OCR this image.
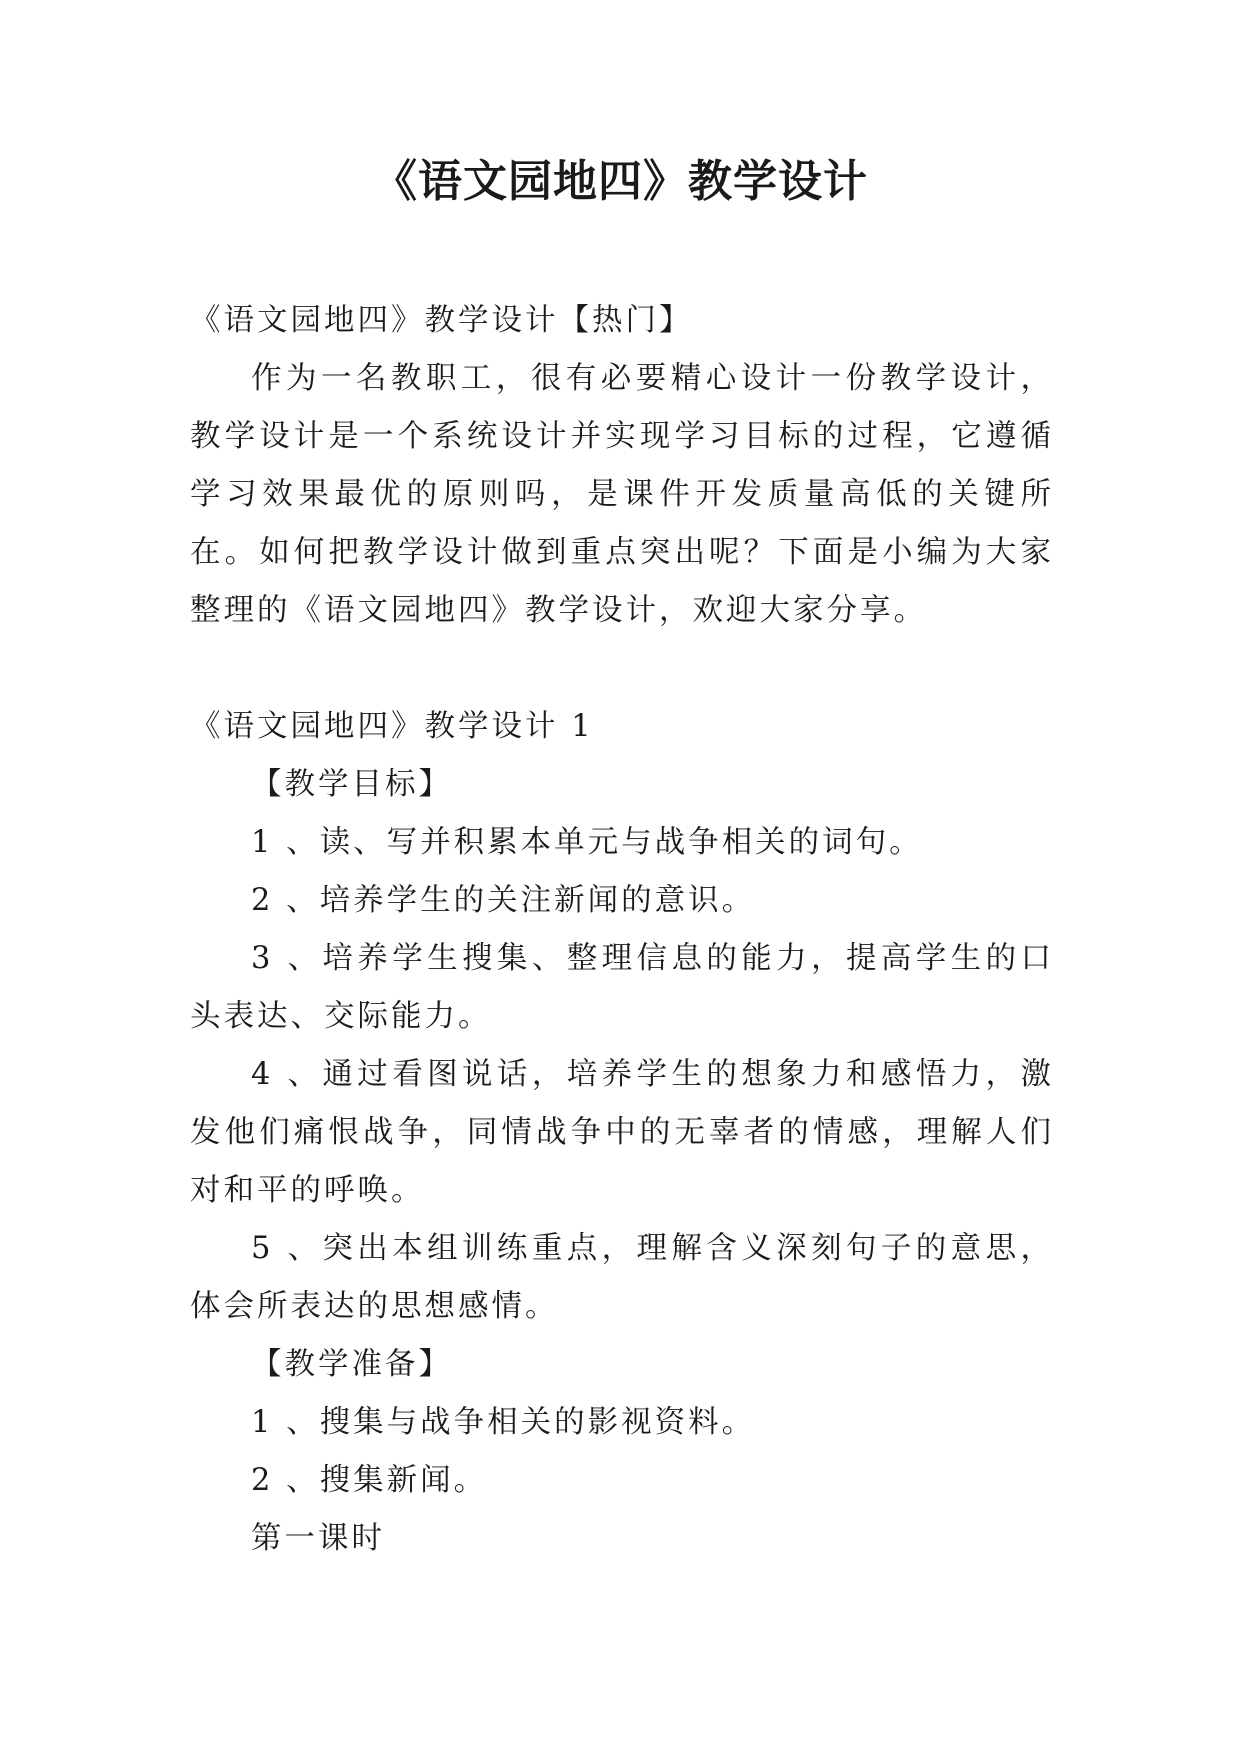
《语文园地四》教学设计

《语文园地四》教学设计【热门】

作为一名教职工，很有必要精心设计一份教学设计，教学设计是一个系统设计并实现学习目标的过程，它遵循学习效果最优的原则吗，是课件开发质量高低的关键所在。如何把教学设计做到重点突出呢？下面是小编为大家整理的《语文园地四》教学设计，欢迎大家分享。

《语文园地四》教学设计 1

【教学目标】

1 、读、写并积累本单元与战争相关的词句。

2 、培养学生的关注新闻的意识。

3 、培养学生搜集、整理信息的能力，提高学生的口头表达、交际能力。

4 、通过看图说话，培养学生的想象力和感悟力，激发他们痛恨战争，同情战争中的无辜者的情感，理解人们对和平的呼唤。

5 、突出本组训练重点，理解含义深刻句子的意思，体会所表达的思想感情。

【教学准备】

1 、搜集与战争相关的影视资料。

2 、搜集新闻。

第一课时
